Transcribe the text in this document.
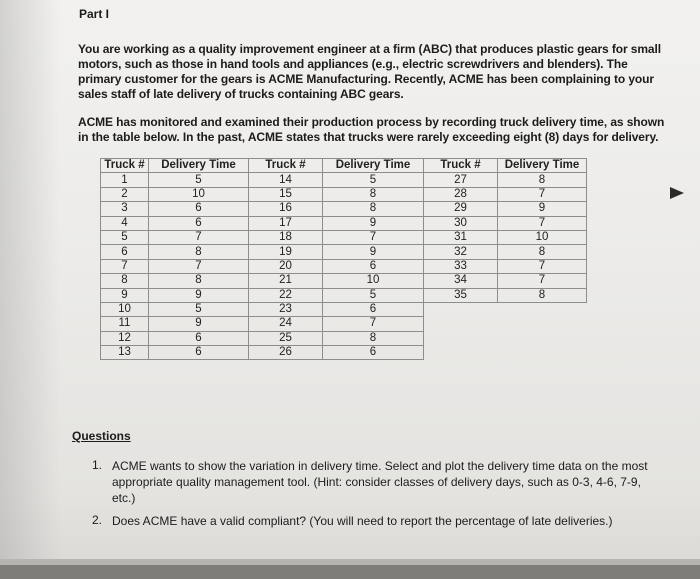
Part I
You are working as a quality improvement engineer at a firm (ABC) that produces plastic gears for small motors, such as those in hand tools and appliances (e.g., electric screwdrivers and blenders). The primary customer for the gears is ACME Manufacturing. Recently, ACME has been complaining to your sales staff of late delivery of trucks containing ABC gears.
ACME has monitored and examined their production process by recording truck delivery time, as shown in the table below. In the past, ACME states that trucks were rarely exceeding eight (8) days for delivery.
Truck #	Delivery Time	Truck #	Delivery Time	Truck #	Delivery Time
1	5	14	5	27	8
2	10	15	8	28	7
3	6	16	8	29	9
4	6	17	9	30	7
5	7	18	7	31	10
6	8	19	9	32	8
7	7	20	6	33	7
8	8	21	10	34	7
9	9	22	5	35	8
10	5	23	6		
11	9	24	7		
12	6	25	8		
13	6	26	6		
Questions
1. ACME wants to show the variation in delivery time. Select and plot the delivery time data on the most appropriate quality management tool. (Hint: consider classes of delivery days, such as 0-3, 4-6, 7-9, etc.)
2. Does ACME have a valid compliant? (You will need to report the percentage of late deliveries.)
